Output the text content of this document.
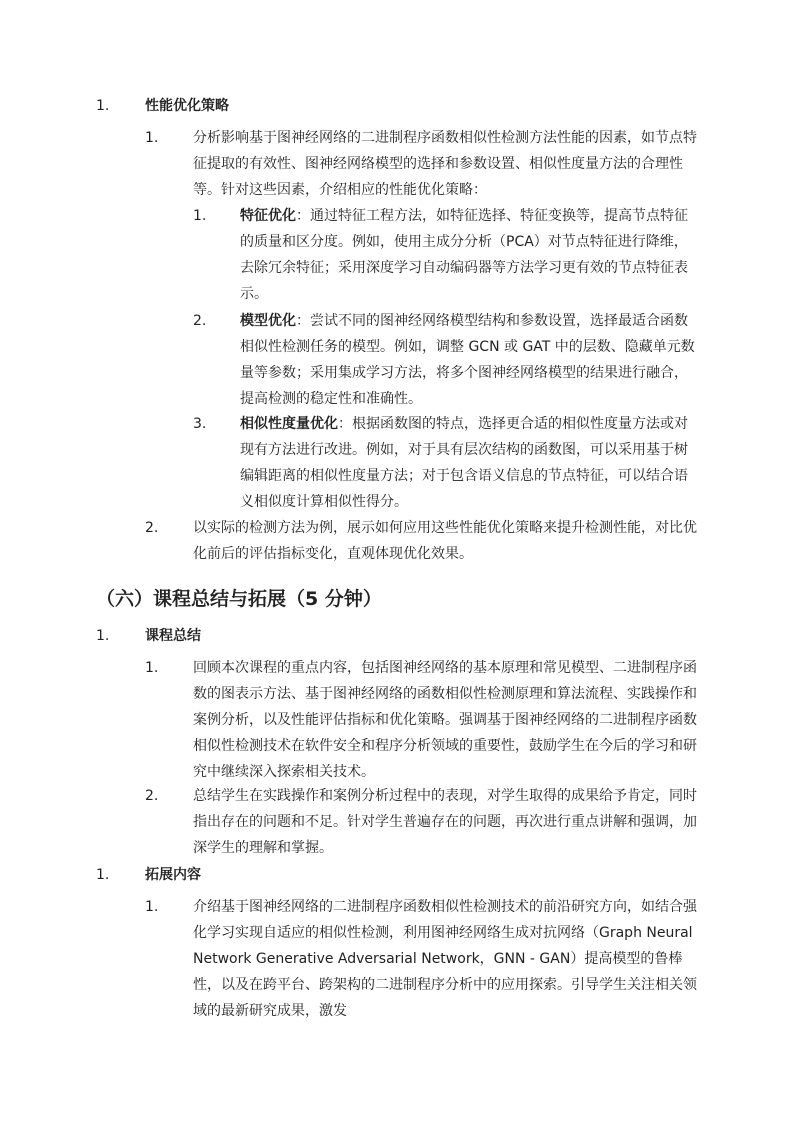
1.	性能优化策略
1. 分析影响基于图神经网络的二进制程序函数相似性检测方法性能的因素，如节点特征提取的有效性、图神经网络模型的选择和参数设置、相似性度量方法的合理性等。针对这些因素，介绍相应的性能优化策略：
1. 特征优化：通过特征工程方法，如特征选择、特征变换等，提高节点特征的质量和区分度。例如，使用主成分分析（PCA）对节点特征进行降维，去除冗余特征；采用深度学习自动编码器等方法学习更有效的节点特征表示。
2. 模型优化：尝试不同的图神经网络模型结构和参数设置，选择最适合函数相似性检测任务的模型。例如，调整 GCN 或 GAT 中的层数、隐藏单元数量等参数；采用集成学习方法，将多个图神经网络模型的结果进行融合，提高检测的稳定性和准确性。
3. 相似性度量优化：根据函数图的特点，选择更合适的相似性度量方法或对现有方法进行改进。例如，对于具有层次结构的函数图，可以采用基于树编辑距离的相似性度量方法；对于包含语义信息的节点特征，可以结合语义相似度计算相似性得分。
2. 以实际的检测方法为例，展示如何应用这些性能优化策略来提升检测性能，对比优化前后的评估指标变化，直观体现优化效果。
（六）课程总结与拓展（5 分钟）
1.	课程总结
1. 回顾本次课程的重点内容，包括图神经网络的基本原理和常见模型、二进制程序函数的图表示方法、基于图神经网络的函数相似性检测原理和算法流程、实践操作和案例分析，以及性能评估指标和优化策略。强调基于图神经网络的二进制程序函数相似性检测技术在软件安全和程序分析领域的重要性，鼓励学生在今后的学习和研究中继续深入探索相关技术。
2. 总结学生在实践操作和案例分析过程中的表现，对学生取得的成果给予肯定，同时指出存在的问题和不足。针对学生普遍存在的问题，再次进行重点讲解和强调，加深学生的理解和掌握。
1.	拓展内容
1. 介绍基于图神经网络的二进制程序函数相似性检测技术的前沿研究方向，如结合强化学习实现自适应的相似性检测，利用图神经网络生成对抗网络（Graph Neural Network Generative Adversarial Network，GNN - GAN）提高模型的鲁棒性，以及在跨平台、跨架构的二进制程序分析中的应用探索。引导学生关注相关领域的最新研究成果，激发
